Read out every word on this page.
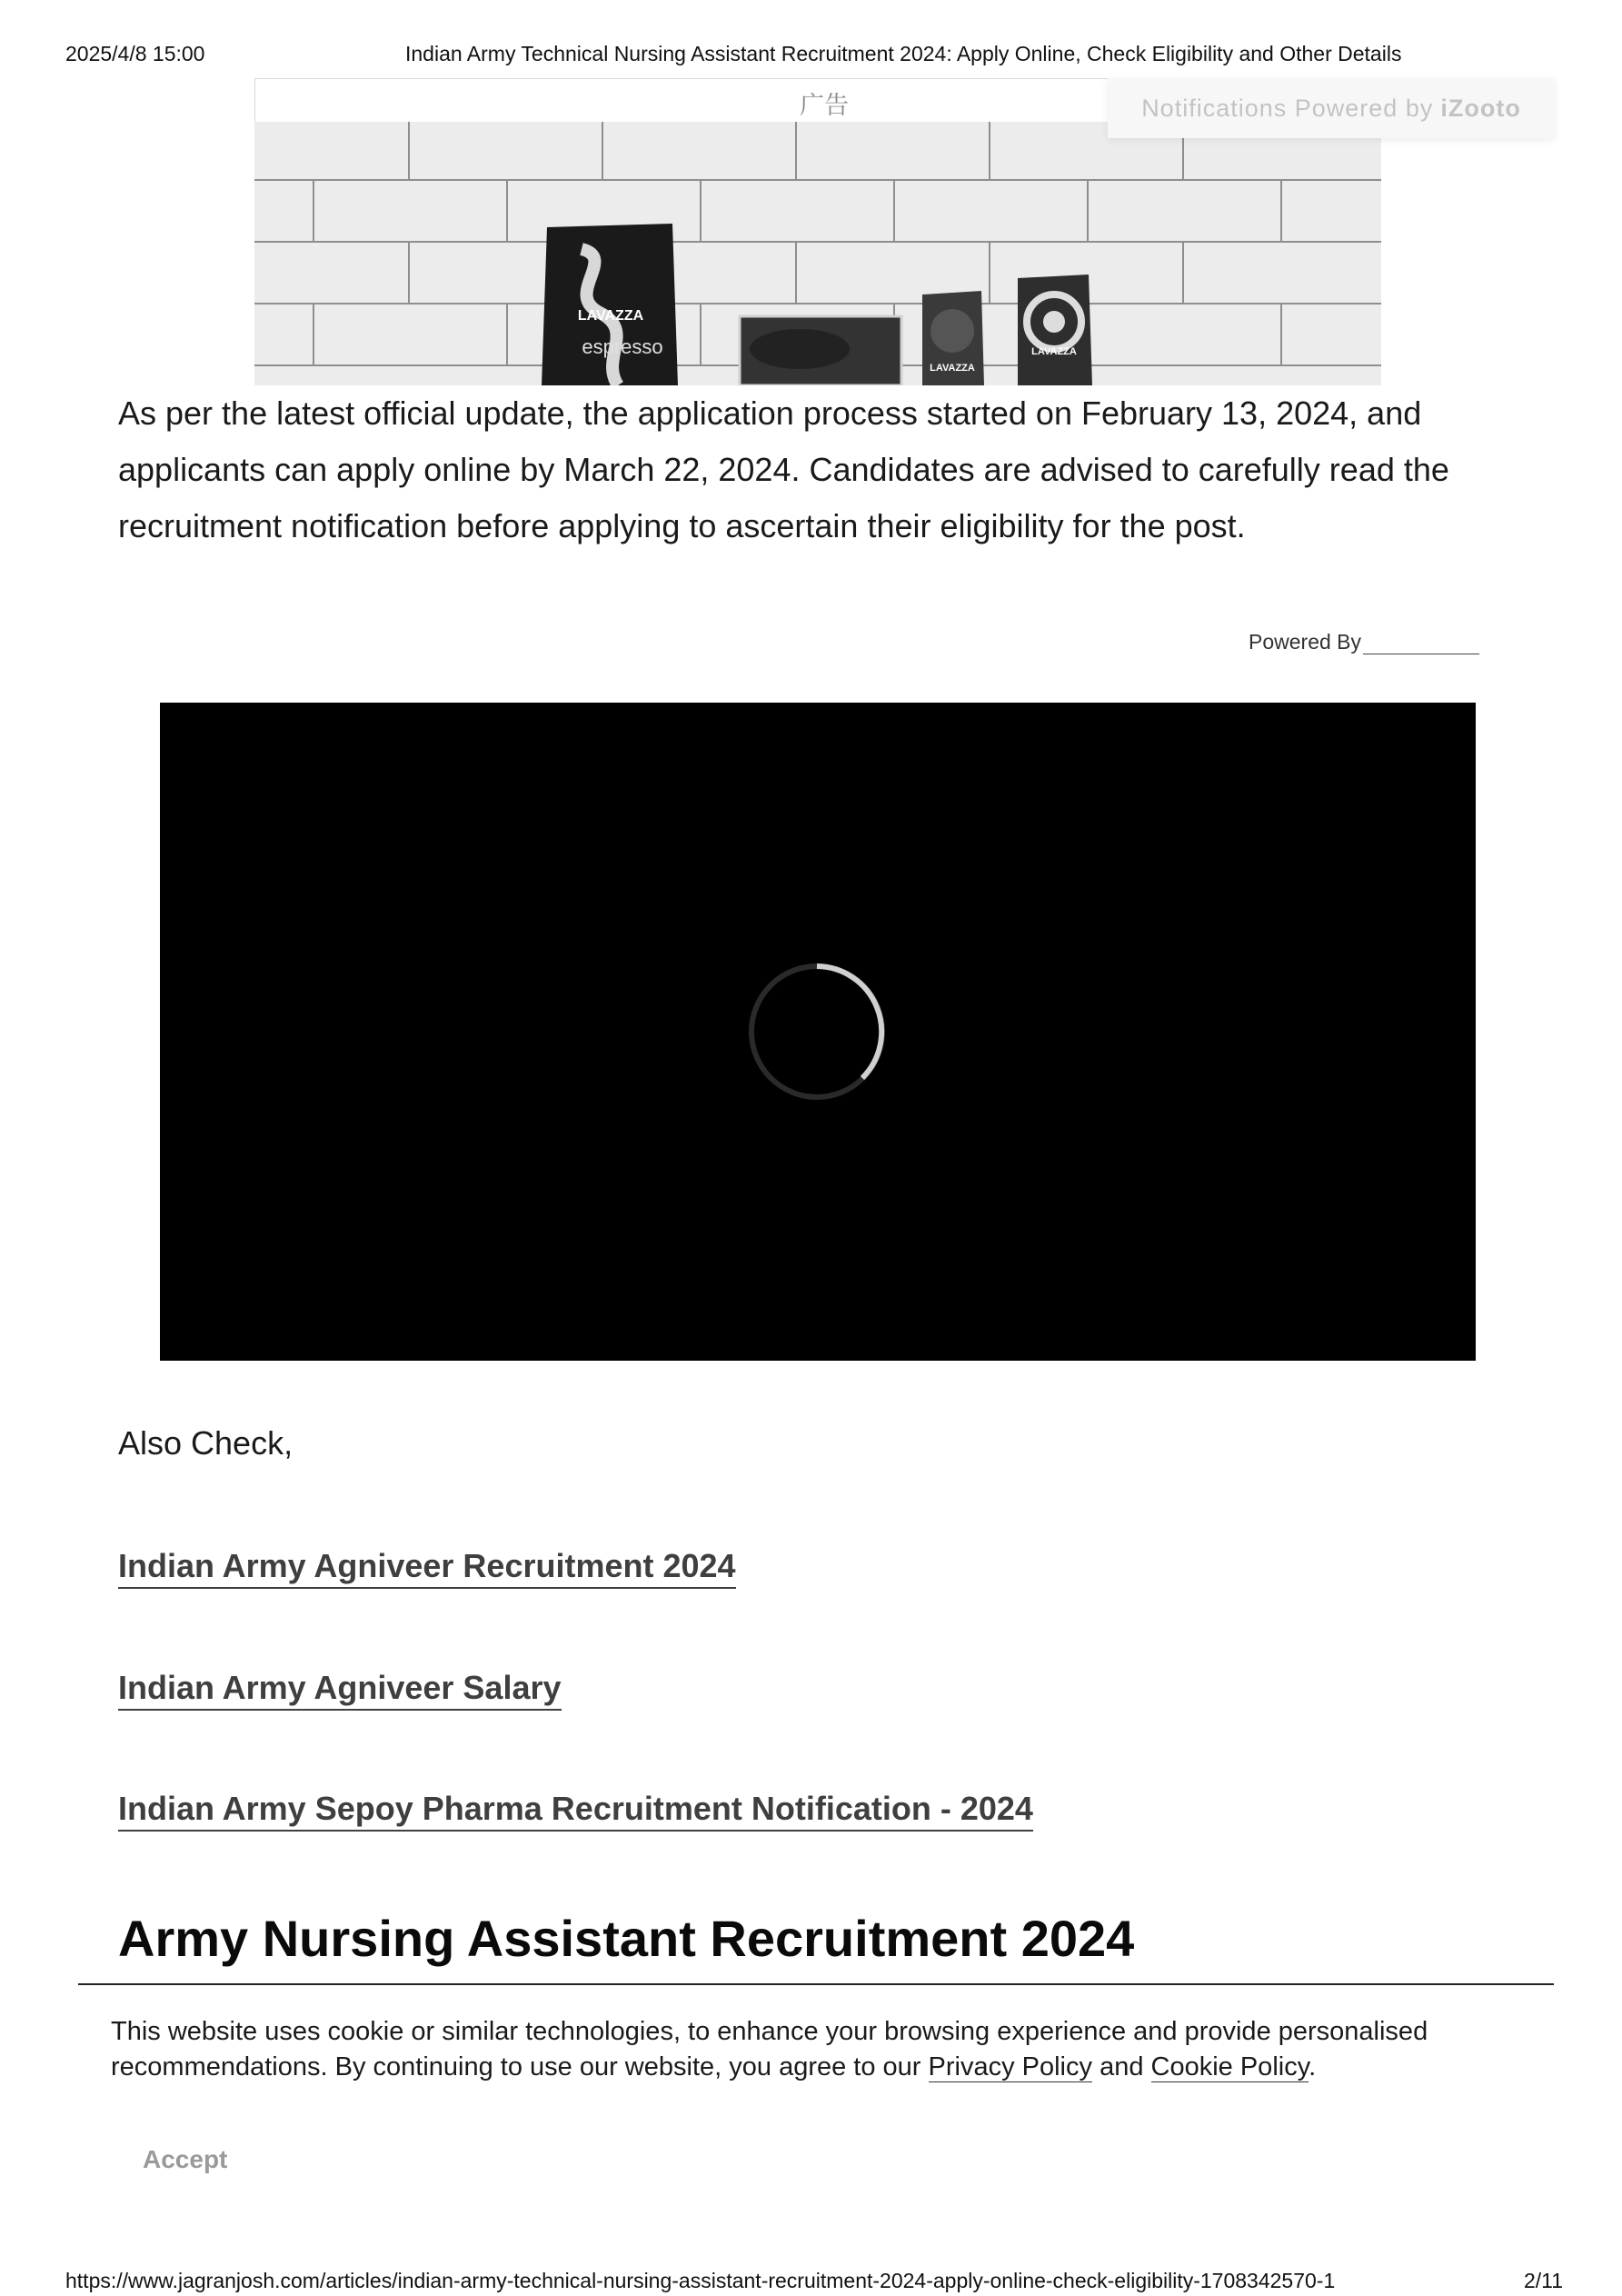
2025/4/8 15:00	Indian Army Technical Nursing Assistant Recruitment 2024: Apply Online, Check Eligibility and Other Details
广告
LAVAZZA
espresso
LAVAZZA
LAVAZZA
Notifications Powered by iZooto
As per the latest official update, the application process started on February 13, 2024, and applicants can apply online by March 22, 2024. Candidates are advised to carefully read the recruitment notification before applying to ascertain their eligibility for the post.
Powered By
Also Check,
Indian Army Agniveer Recruitment 2024
Indian Army Agniveer Salary
Indian Army Sepoy Pharma Recruitment Notification - 2024
Army Nursing Assistant Recruitment 2024
This website uses cookie or similar technologies, to enhance your browsing experience and provide personalised recommendations. By continuing to use our website, you agree to our Privacy Policy and Cookie Policy.
Accept
https://www.jagranjosh.com/articles/indian-army-technical-nursing-assistant-recruitment-2024-apply-online-check-eligibility-1708342570-1	2/11
